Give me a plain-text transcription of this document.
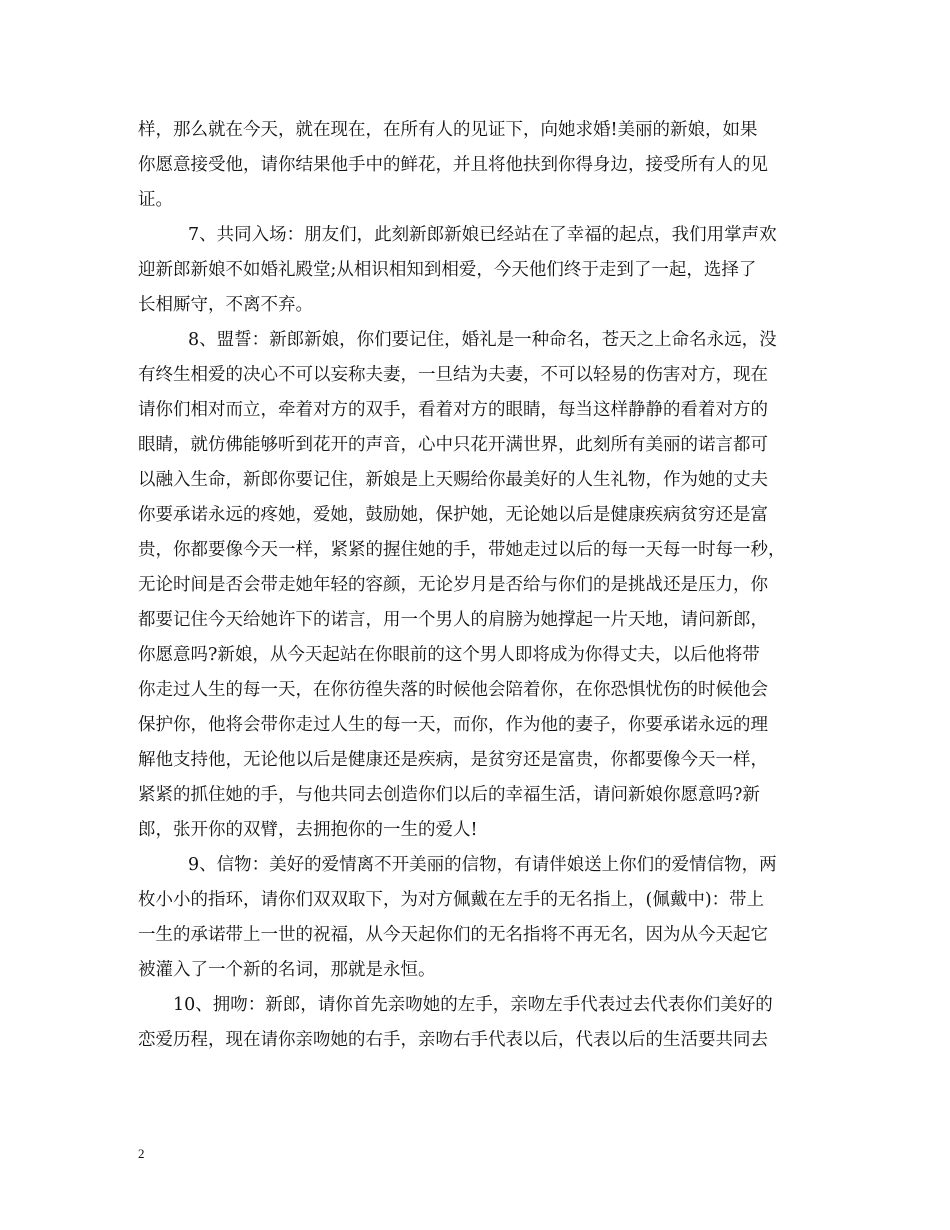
样，那么就在今天，就在现在，在所有人的见证下，向她求婚!美丽的新娘，如果
你愿意接受他，请你结果他手中的鲜花，并且将他扶到你得身边，接受所有人的见
证。
7、共同入场：朋友们，此刻新郎新娘已经站在了幸福的起点，我们用掌声欢
迎新郎新娘不如婚礼殿堂;从相识相知到相爱，今天他们终于走到了一起，选择了
长相厮守，不离不弃。
8、盟誓：新郎新娘，你们要记住，婚礼是一种命名，苍天之上命名永远，没
有终生相爱的决心不可以妄称夫妻，一旦结为夫妻，不可以轻易的伤害对方，现在
请你们相对而立，牵着对方的双手，看着对方的眼睛，每当这样静静的看着对方的
眼睛，就仿佛能够听到花开的声音，心中只花开满世界，此刻所有美丽的诺言都可
以融入生命，新郎你要记住，新娘是上天赐给你最美好的人生礼物，作为她的丈夫
你要承诺永远的疼她，爱她，鼓励她，保护她，无论她以后是健康疾病贫穷还是富
贵，你都要像今天一样，紧紧的握住她的手，带她走过以后的每一天每一时每一秒，
无论时间是否会带走她年轻的容颜，无论岁月是否给与你们的是挑战还是压力，你
都要记住今天给她许下的诺言，用一个男人的肩膀为她撑起一片天地，请问新郎，
你愿意吗?新娘，从今天起站在你眼前的这个男人即将成为你得丈夫，以后他将带
你走过人生的每一天，在你彷徨失落的时候他会陪着你，在你恐惧忧伤的时候他会
保护你，他将会带你走过人生的每一天，而你，作为他的妻子，你要承诺永远的理
解他支持他，无论他以后是健康还是疾病，是贫穷还是富贵，你都要像今天一样，
紧紧的抓住她的手，与他共同去创造你们以后的幸福生活，请问新娘你愿意吗?新
郎，张开你的双臂，去拥抱你的一生的爱人!
9、信物：美好的爱情离不开美丽的信物，有请伴娘送上你们的爱情信物，两
枚小小的指环，请你们双双取下，为对方佩戴在左手的无名指上，(佩戴中)：带上
一生的承诺带上一世的祝福，从今天起你们的无名指将不再无名，因为从今天起它
被灌入了一个新的名词，那就是永恒。
10、拥吻：新郎，请你首先亲吻她的左手，亲吻左手代表过去代表你们美好的
恋爱历程，现在请你亲吻她的右手，亲吻右手代表以后，代表以后的生活要共同去
2
